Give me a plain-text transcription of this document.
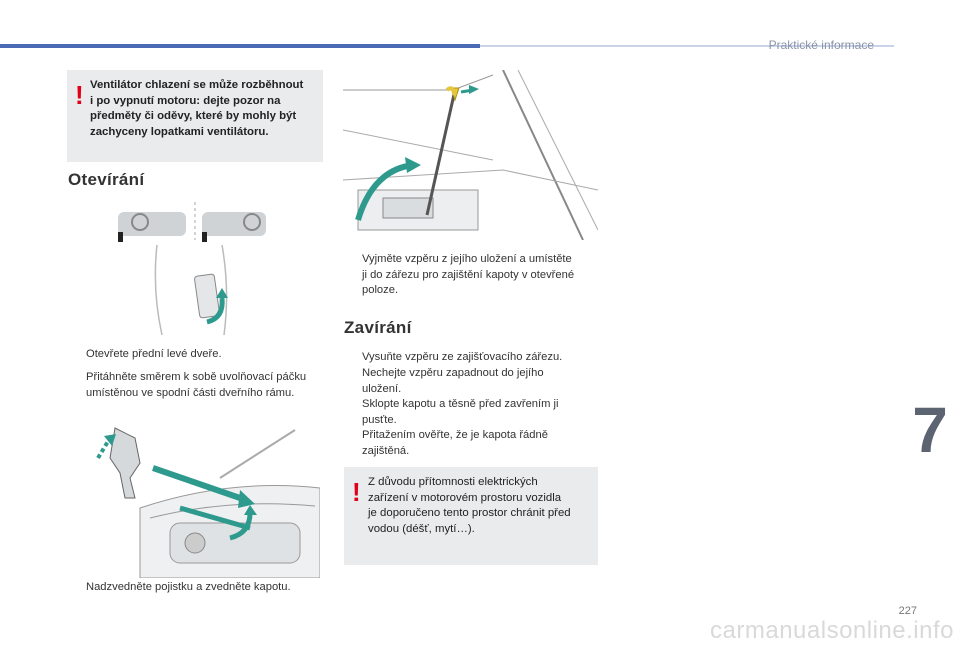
Praktické informace
7
227
carmanualsonline.info
! Ventilátor chlazení se může rozběhnout
i po vypnutí motoru: dejte pozor na
předměty či oděvy, které by mohly být
zachyceny lopatkami ventilátoru.
Otevírání
Otevřete přední levé dveře.
Přitáhněte směrem k sobě uvolňovací páčku
umístěnou ve spodní části dveřního rámu.
Nadzvedněte pojistku a zvedněte kapotu.
Vyjměte vzpěru z jejího uložení a umístěte
ji do zářezu pro zajištění kapoty v otevřené
poloze.
Zavírání
Vysuňte vzpěru ze zajišťovacího zářezu.
Nechejte vzpěru zapadnout do jejího
uložení.
Sklopte kapotu a těsně před zavřením ji
pusťte.
Přitažením ověřte, že je kapota řádně
zajištěná.
! Z důvodu přítomnosti elektrických
zařízení v motorovém prostoru vozidla
je doporučeno tento prostor chránit před
vodou (déšť, mytí…).
